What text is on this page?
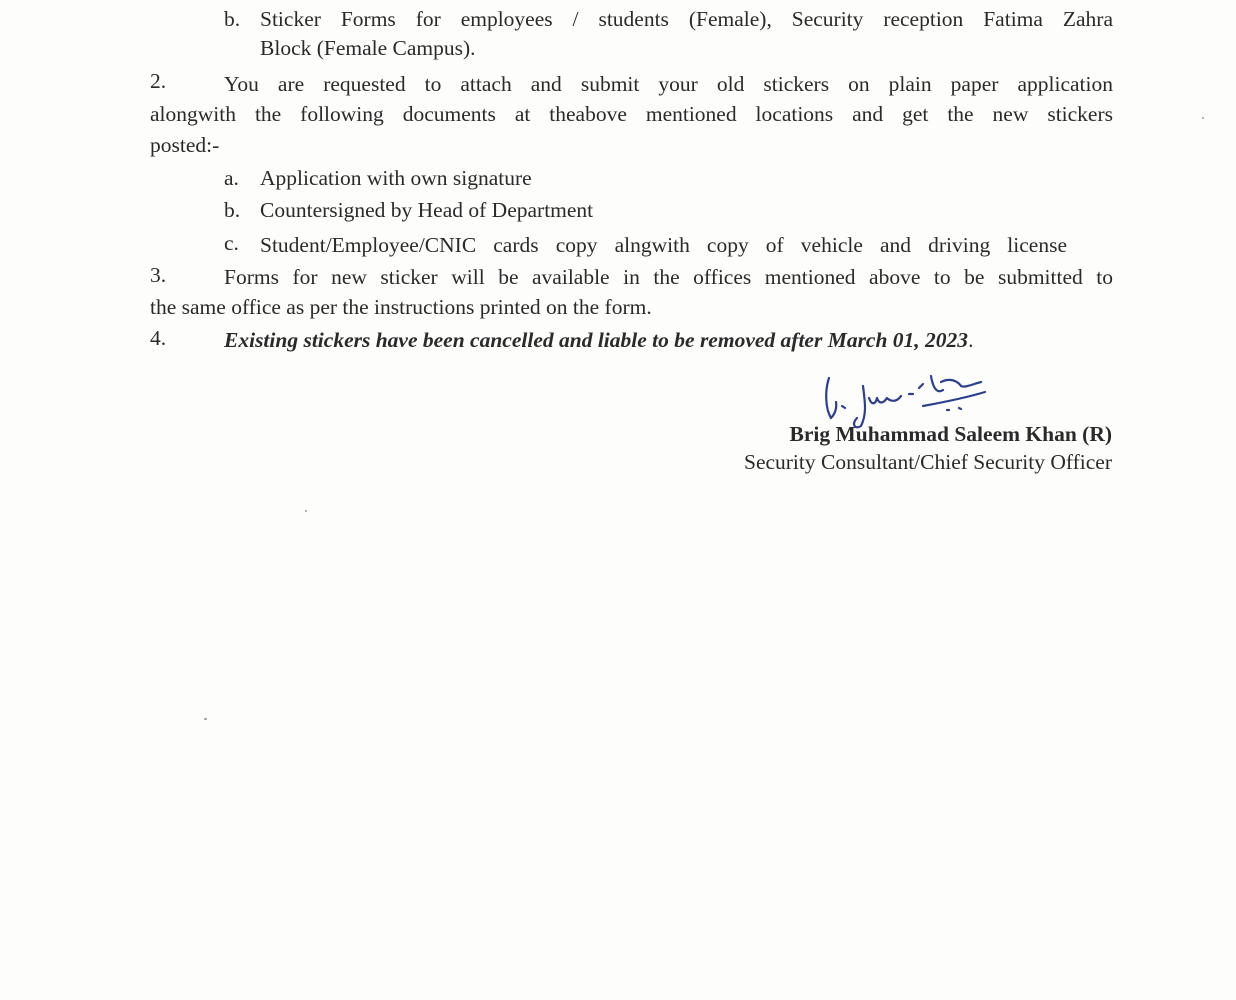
b. Sticker Forms for employees / students (Female), Security reception Fatima Zahra
Block (Female Campus).
2.	You are requested to attach and submit your old stickers on plain paper application
alongwith the following documents at theabove mentioned locations and get the new stickers
posted:-
a. Application with own signature
b. Countersigned by Head of Department
c. Student/Employee/CNIC cards copy alngwith copy of vehicle and driving license
3.	Forms for new sticker will be available in the offices mentioned above to be submitted to
the same office as per the instructions printed on the form.
4.	Existing stickers have been cancelled and liable to be removed after March 01, 2023.
Brig Muhammad Saleem Khan (R)
Security Consultant/Chief Security Officer
